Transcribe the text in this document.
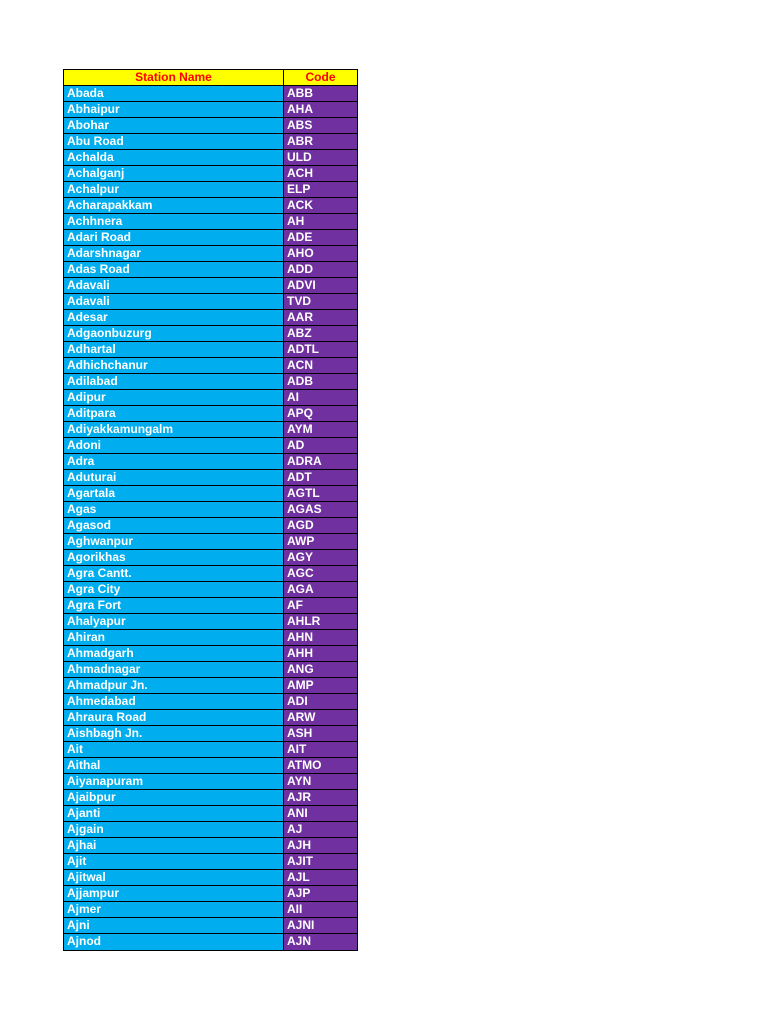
Station Name	Code
Abada	ABB
Abhaipur	AHA
Abohar	ABS
Abu Road	ABR
Achalda	ULD
Achalganj	ACH
Achalpur	ELP
Acharapakkam	ACK
Achhnera	AH
Adari Road	ADE
Adarshnagar	AHO
Adas Road	ADD
Adavali	ADVI
Adavali	TVD
Adesar	AAR
Adgaonbuzurg	ABZ
Adhartal	ADTL
Adhichchanur	ACN
Adilabad	ADB
Adipur	AI
Aditpara	APQ
Adiyakkamungalm	AYM
Adoni	AD
Adra	ADRA
Aduturai	ADT
Agartala	AGTL
Agas	AGAS
Agasod	AGD
Aghwanpur	AWP
Agorikhas	AGY
Agra Cantt.	AGC
Agra City	AGA
Agra Fort	AF
Ahalyapur	AHLR
Ahiran	AHN
Ahmadgarh	AHH
Ahmadnagar	ANG
Ahmadpur Jn.	AMP
Ahmedabad	ADI
Ahraura Road	ARW
Aishbagh Jn.	ASH
Ait	AIT
Aithal	ATMO
Aiyanapuram	AYN
Ajaibpur	AJR
Ajanti	ANI
Ajgain	AJ
Ajhai	AJH
Ajit	AJIT
Ajitwal	AJL
Ajjampur	AJP
Ajmer	AII
Ajni	AJNI
Ajnod	AJN
